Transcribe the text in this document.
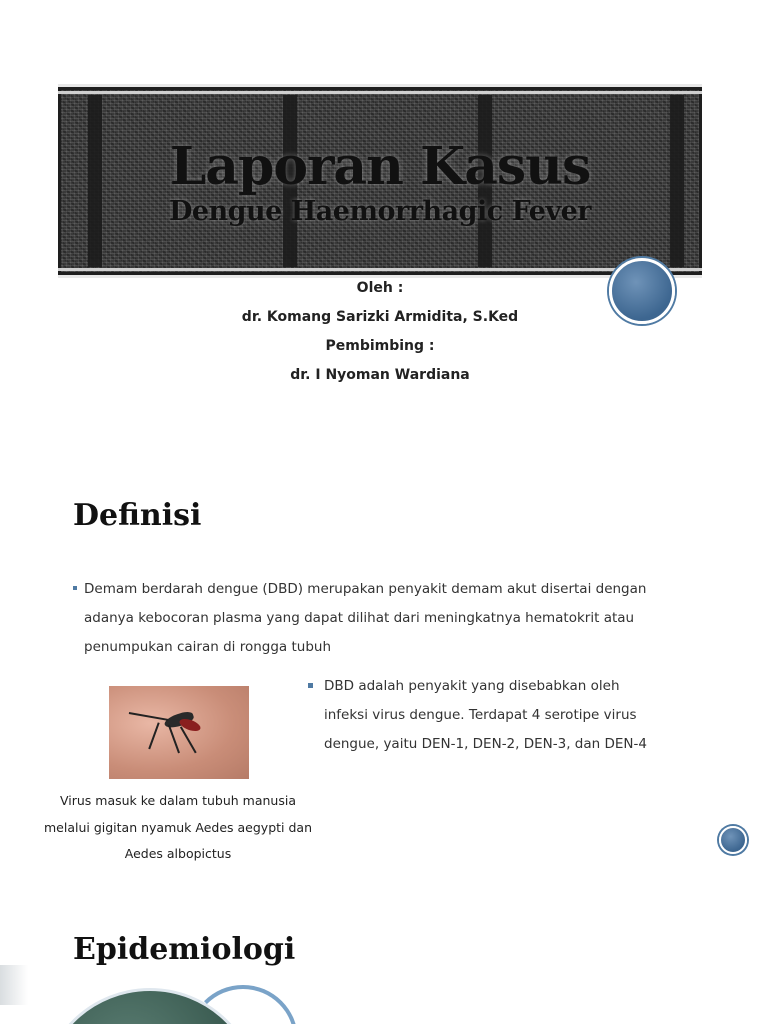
Laporan Kasus
Dengue Haemorrhagic Fever
Oleh :
dr. Komang Sarizki Armidita, S.Ked
Pembimbing :
dr. I Nyoman Wardiana
Definisi
Demam berdarah dengue (DBD) merupakan penyakit demam akut disertai dengan
adanya kebocoran plasma yang dapat dilihat dari meningkatnya hematokrit atau
penumpukan cairan di rongga tubuh
DBD adalah penyakit yang disebabkan oleh
infeksi virus dengue. Terdapat 4 serotipe virus
dengue, yaitu DEN-1, DEN-2, DEN-3, dan DEN-4
Virus masuk ke dalam tubuh manusia
melalui gigitan nyamuk Aedes aegypti dan
Aedes albopictus
Epidemiologi
